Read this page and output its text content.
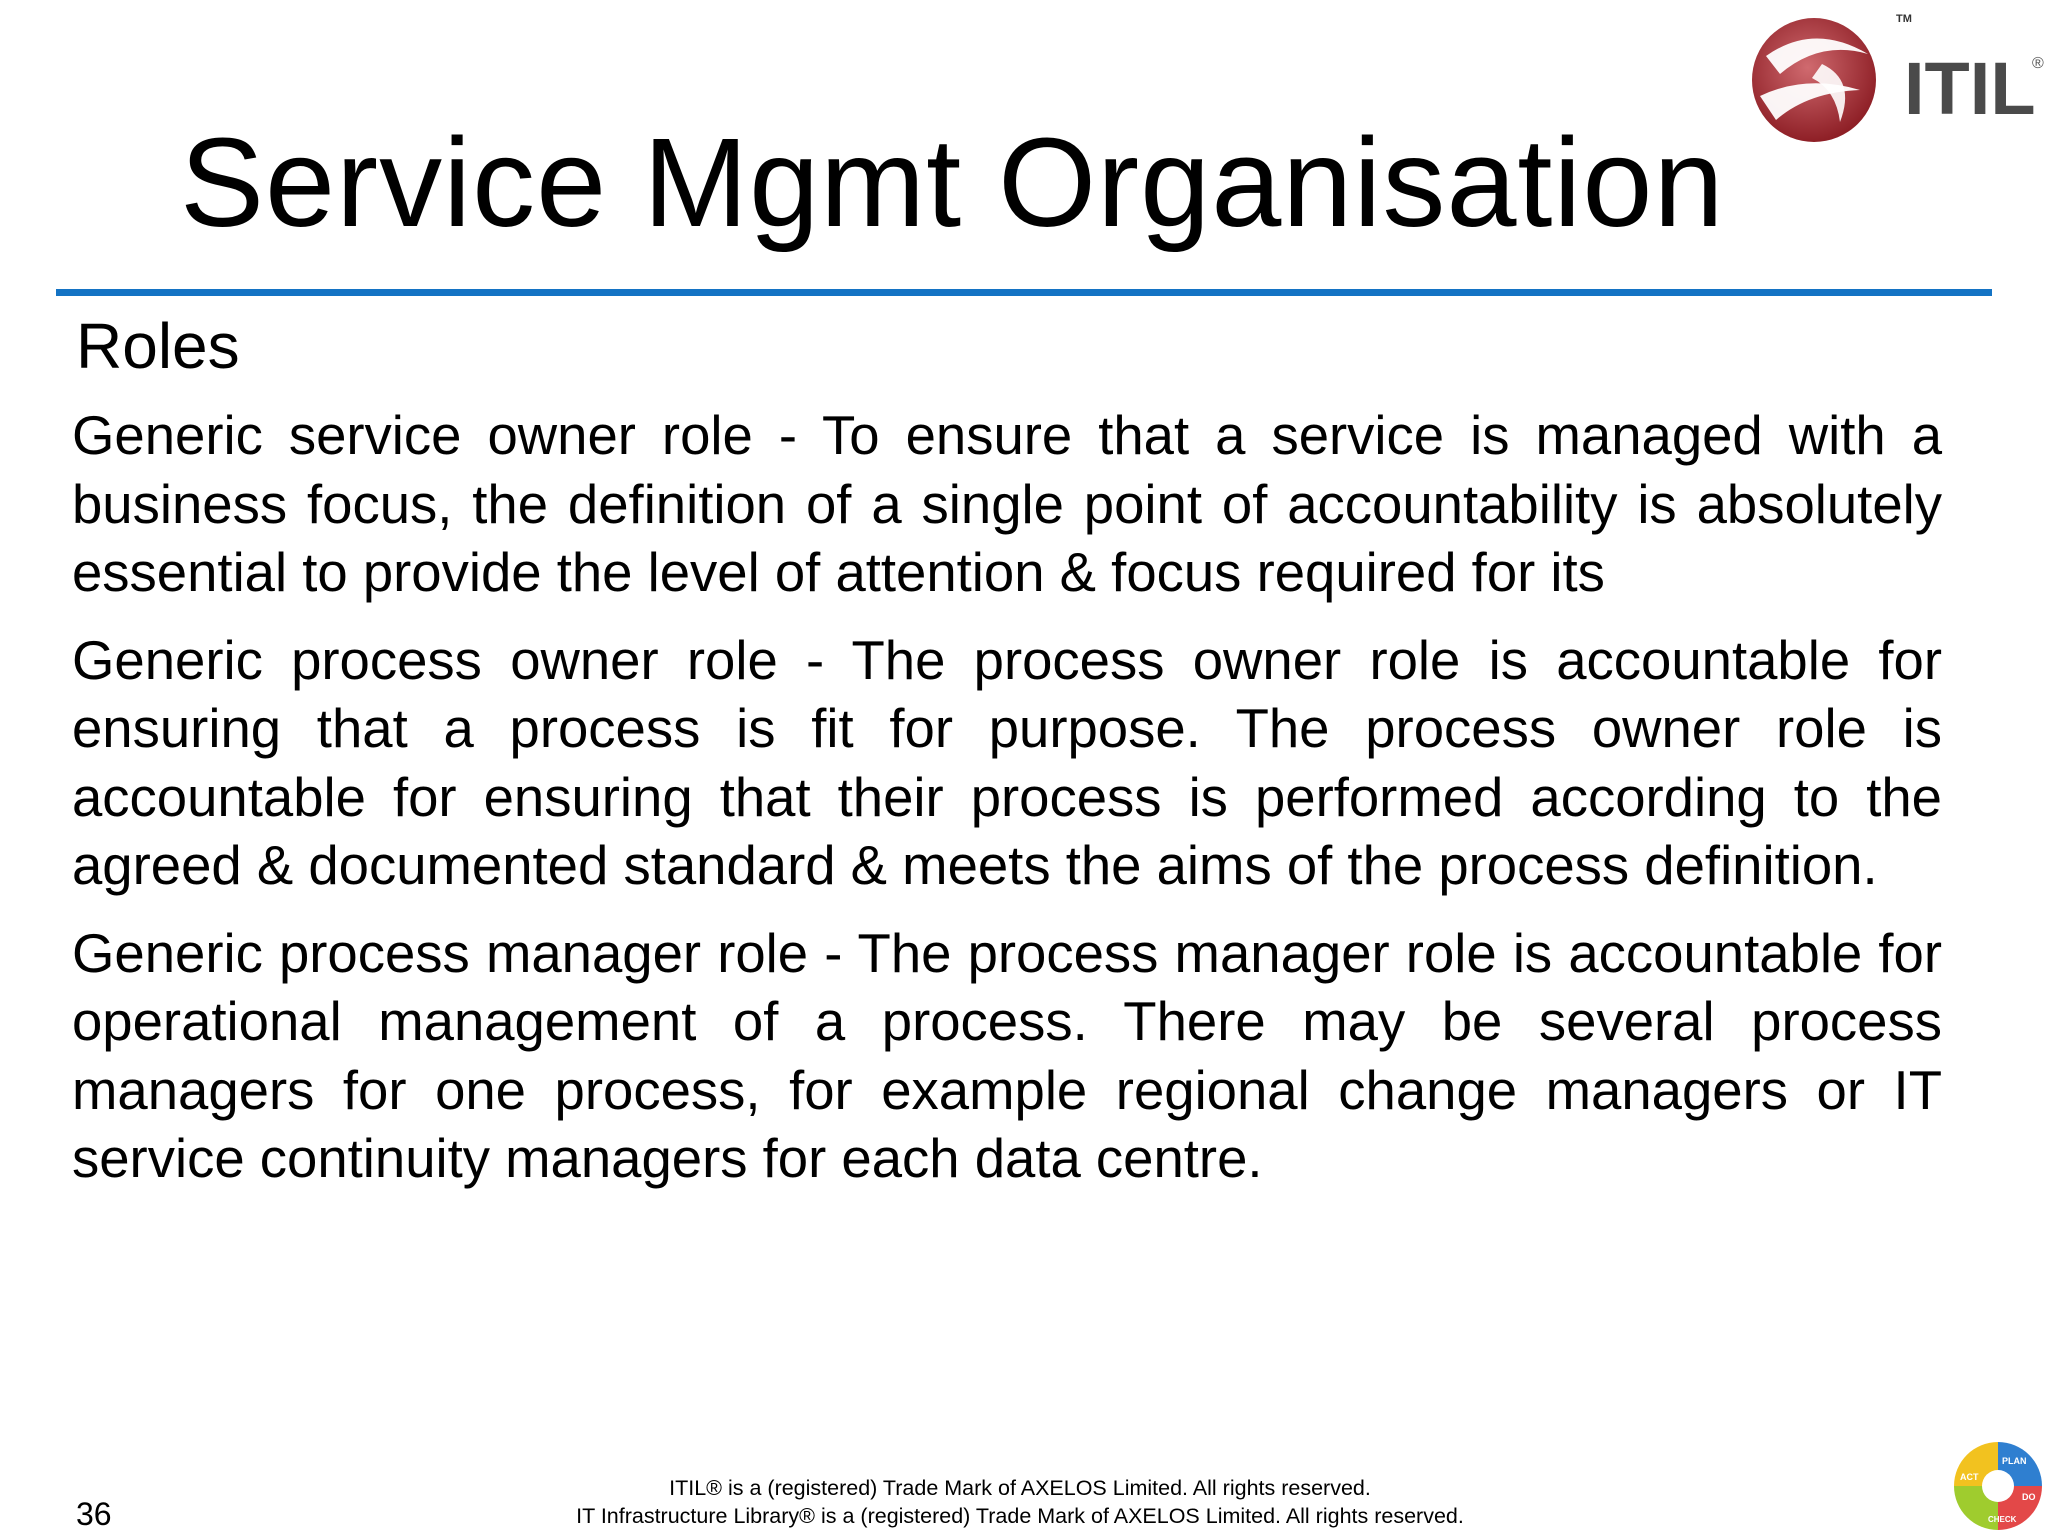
ITIL
TM
®
Service Mgmt Organisation
Roles

Generic service owner role - To ensure that a service is managed with a business focus, the definition of a single point of accountability is absolutely essential to provide the level of attention & focus required for its

Generic process owner role - The process owner role is accountable for ensuring that a process is fit for purpose. The process owner role is accountable for ensuring that their process is performed according to the agreed & documented standard & meets the aims of the process definition.

Generic process manager role - The process manager role is accountable for operational management of a process. There may be several process managers for one process, for example regional change managers or IT service continuity managers for each data centre.

36
ITIL® is a (registered) Trade Mark of AXELOS Limited. All rights reserved.
IT Infrastructure Library® is a (registered) Trade Mark of AXELOS Limited. All rights reserved.
PLAN
DO
CHECK
ACT
